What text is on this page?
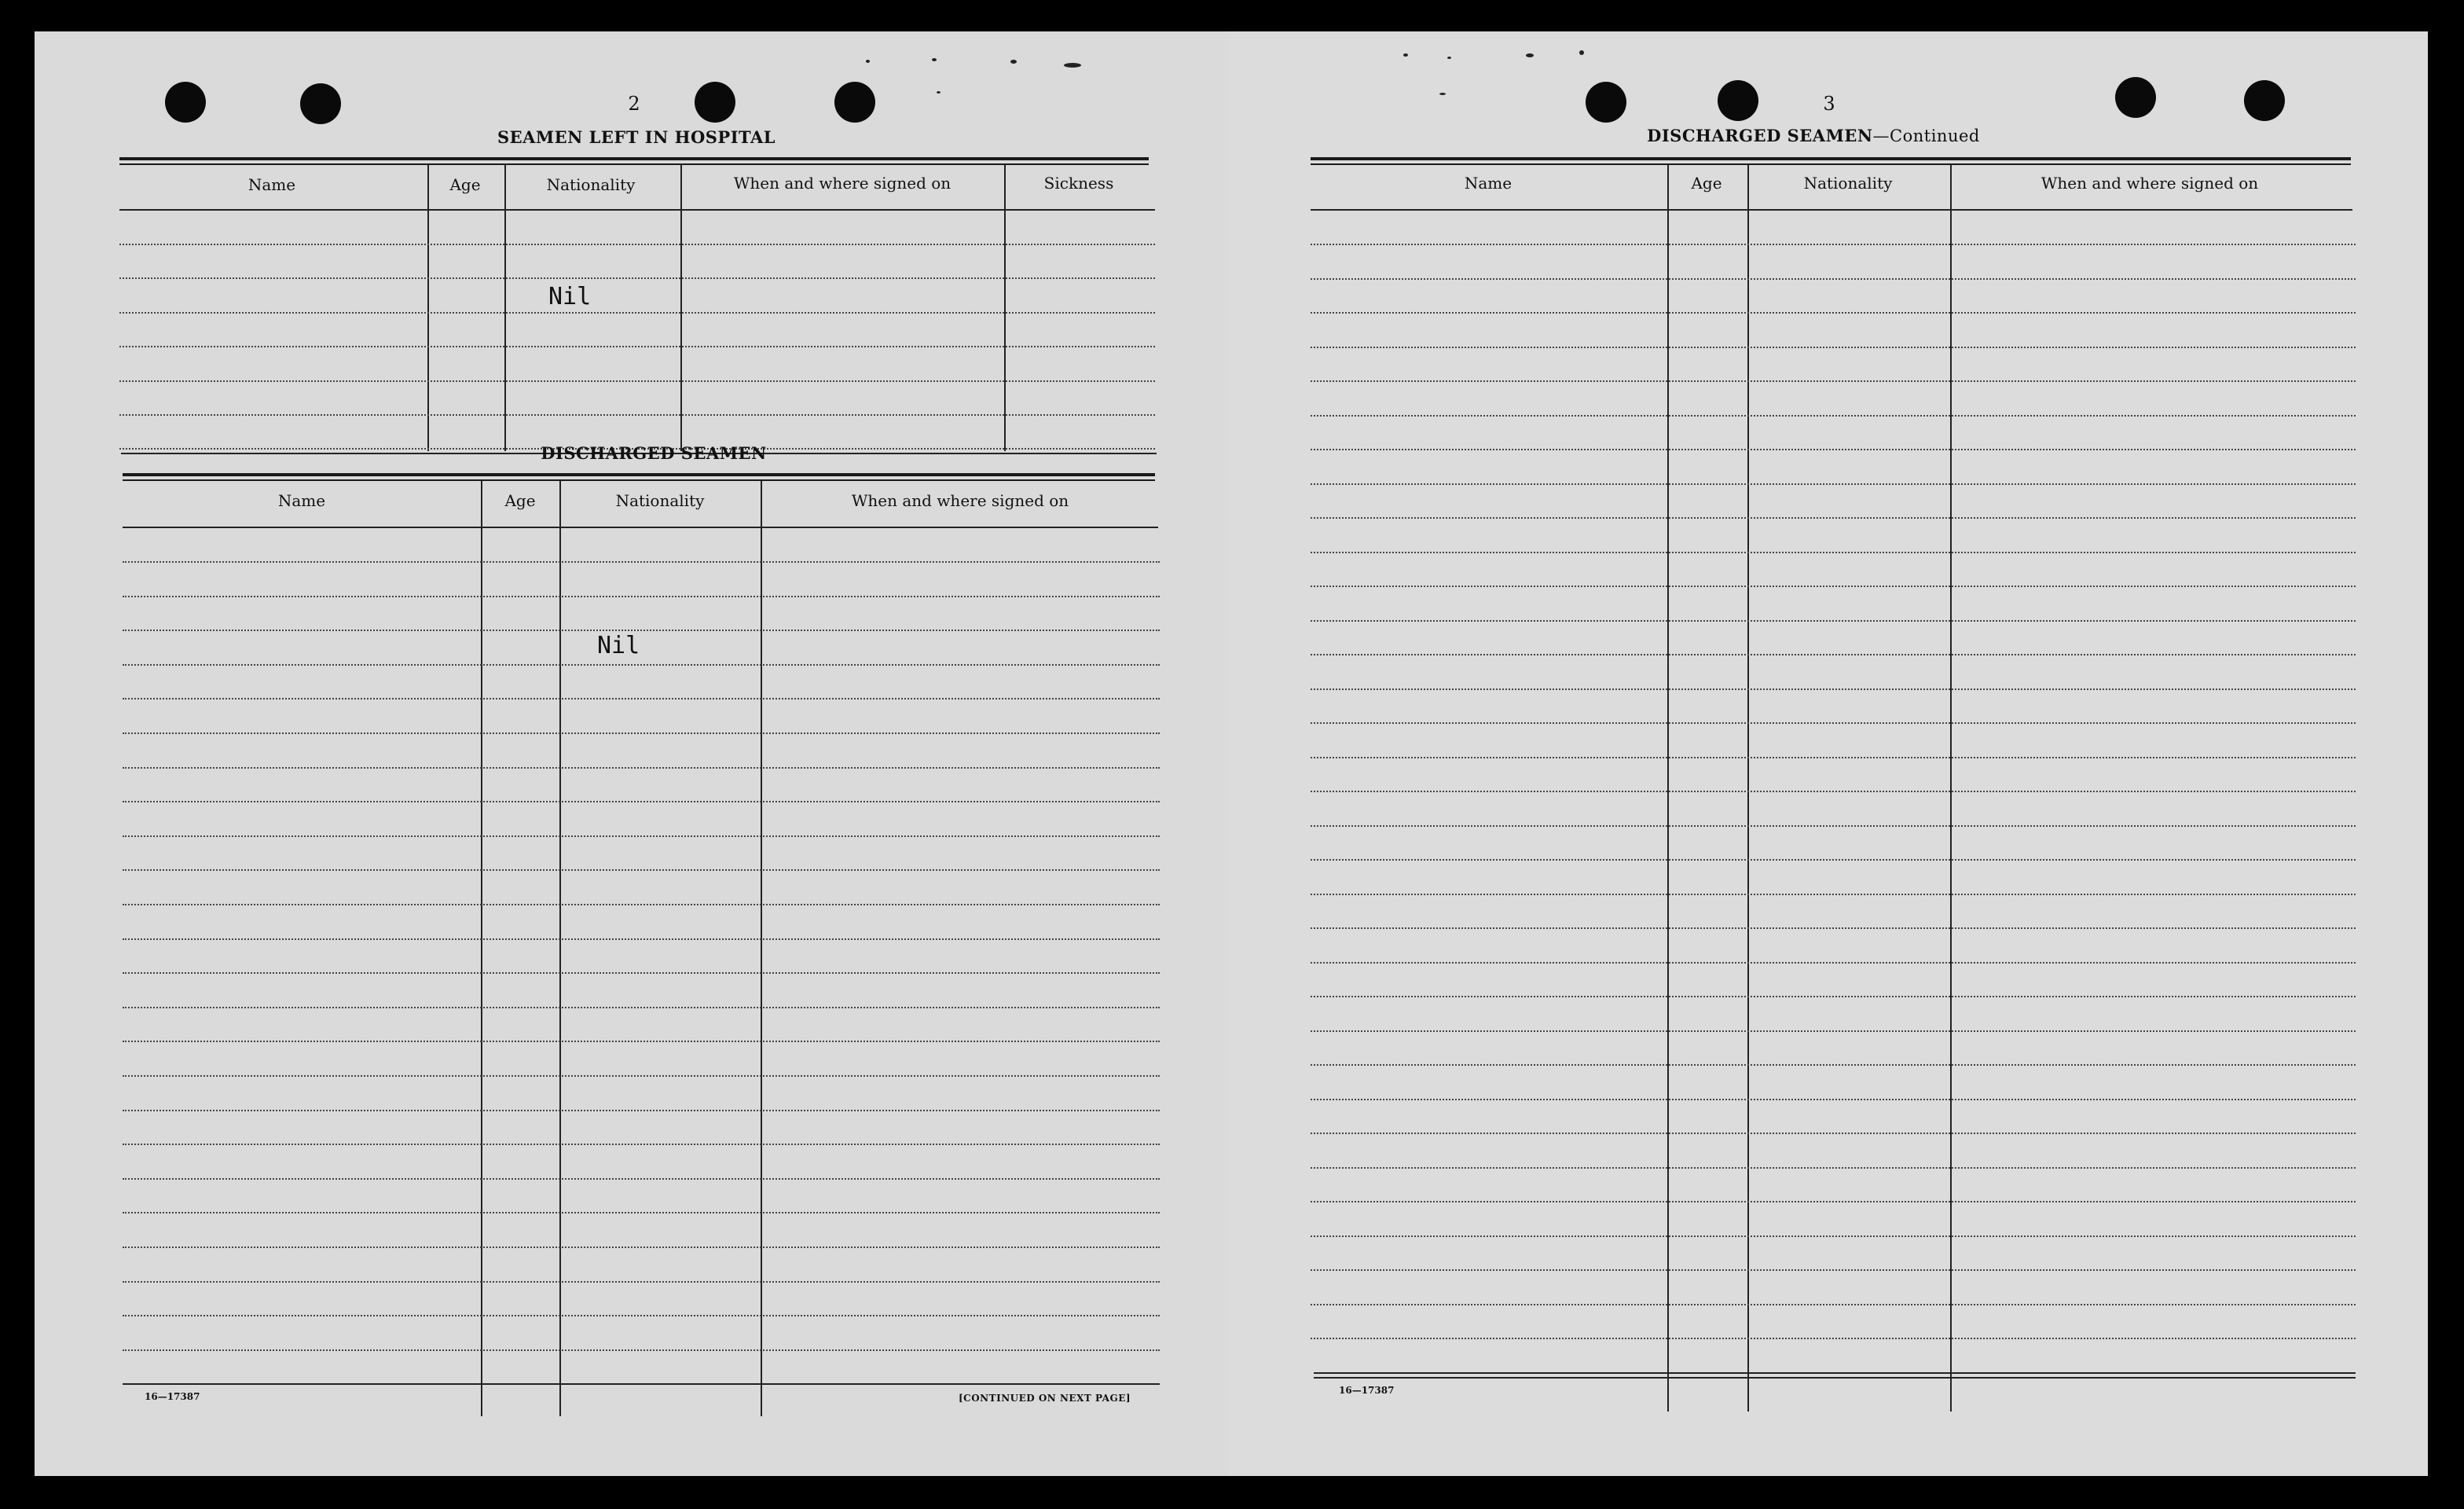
2
SEAMEN LEFT IN HOSPITAL
Name	Age	Nationality	When and where signed on	Sickness
Nil
DISCHARGED SEAMEN
Name	Age	Nationality	When and where signed on
Nil
16—17387	[CONTINUED ON NEXT PAGE]
3
DISCHARGED SEAMEN—Continued
Name	Age	Nationality	When and where signed on
16—17387
